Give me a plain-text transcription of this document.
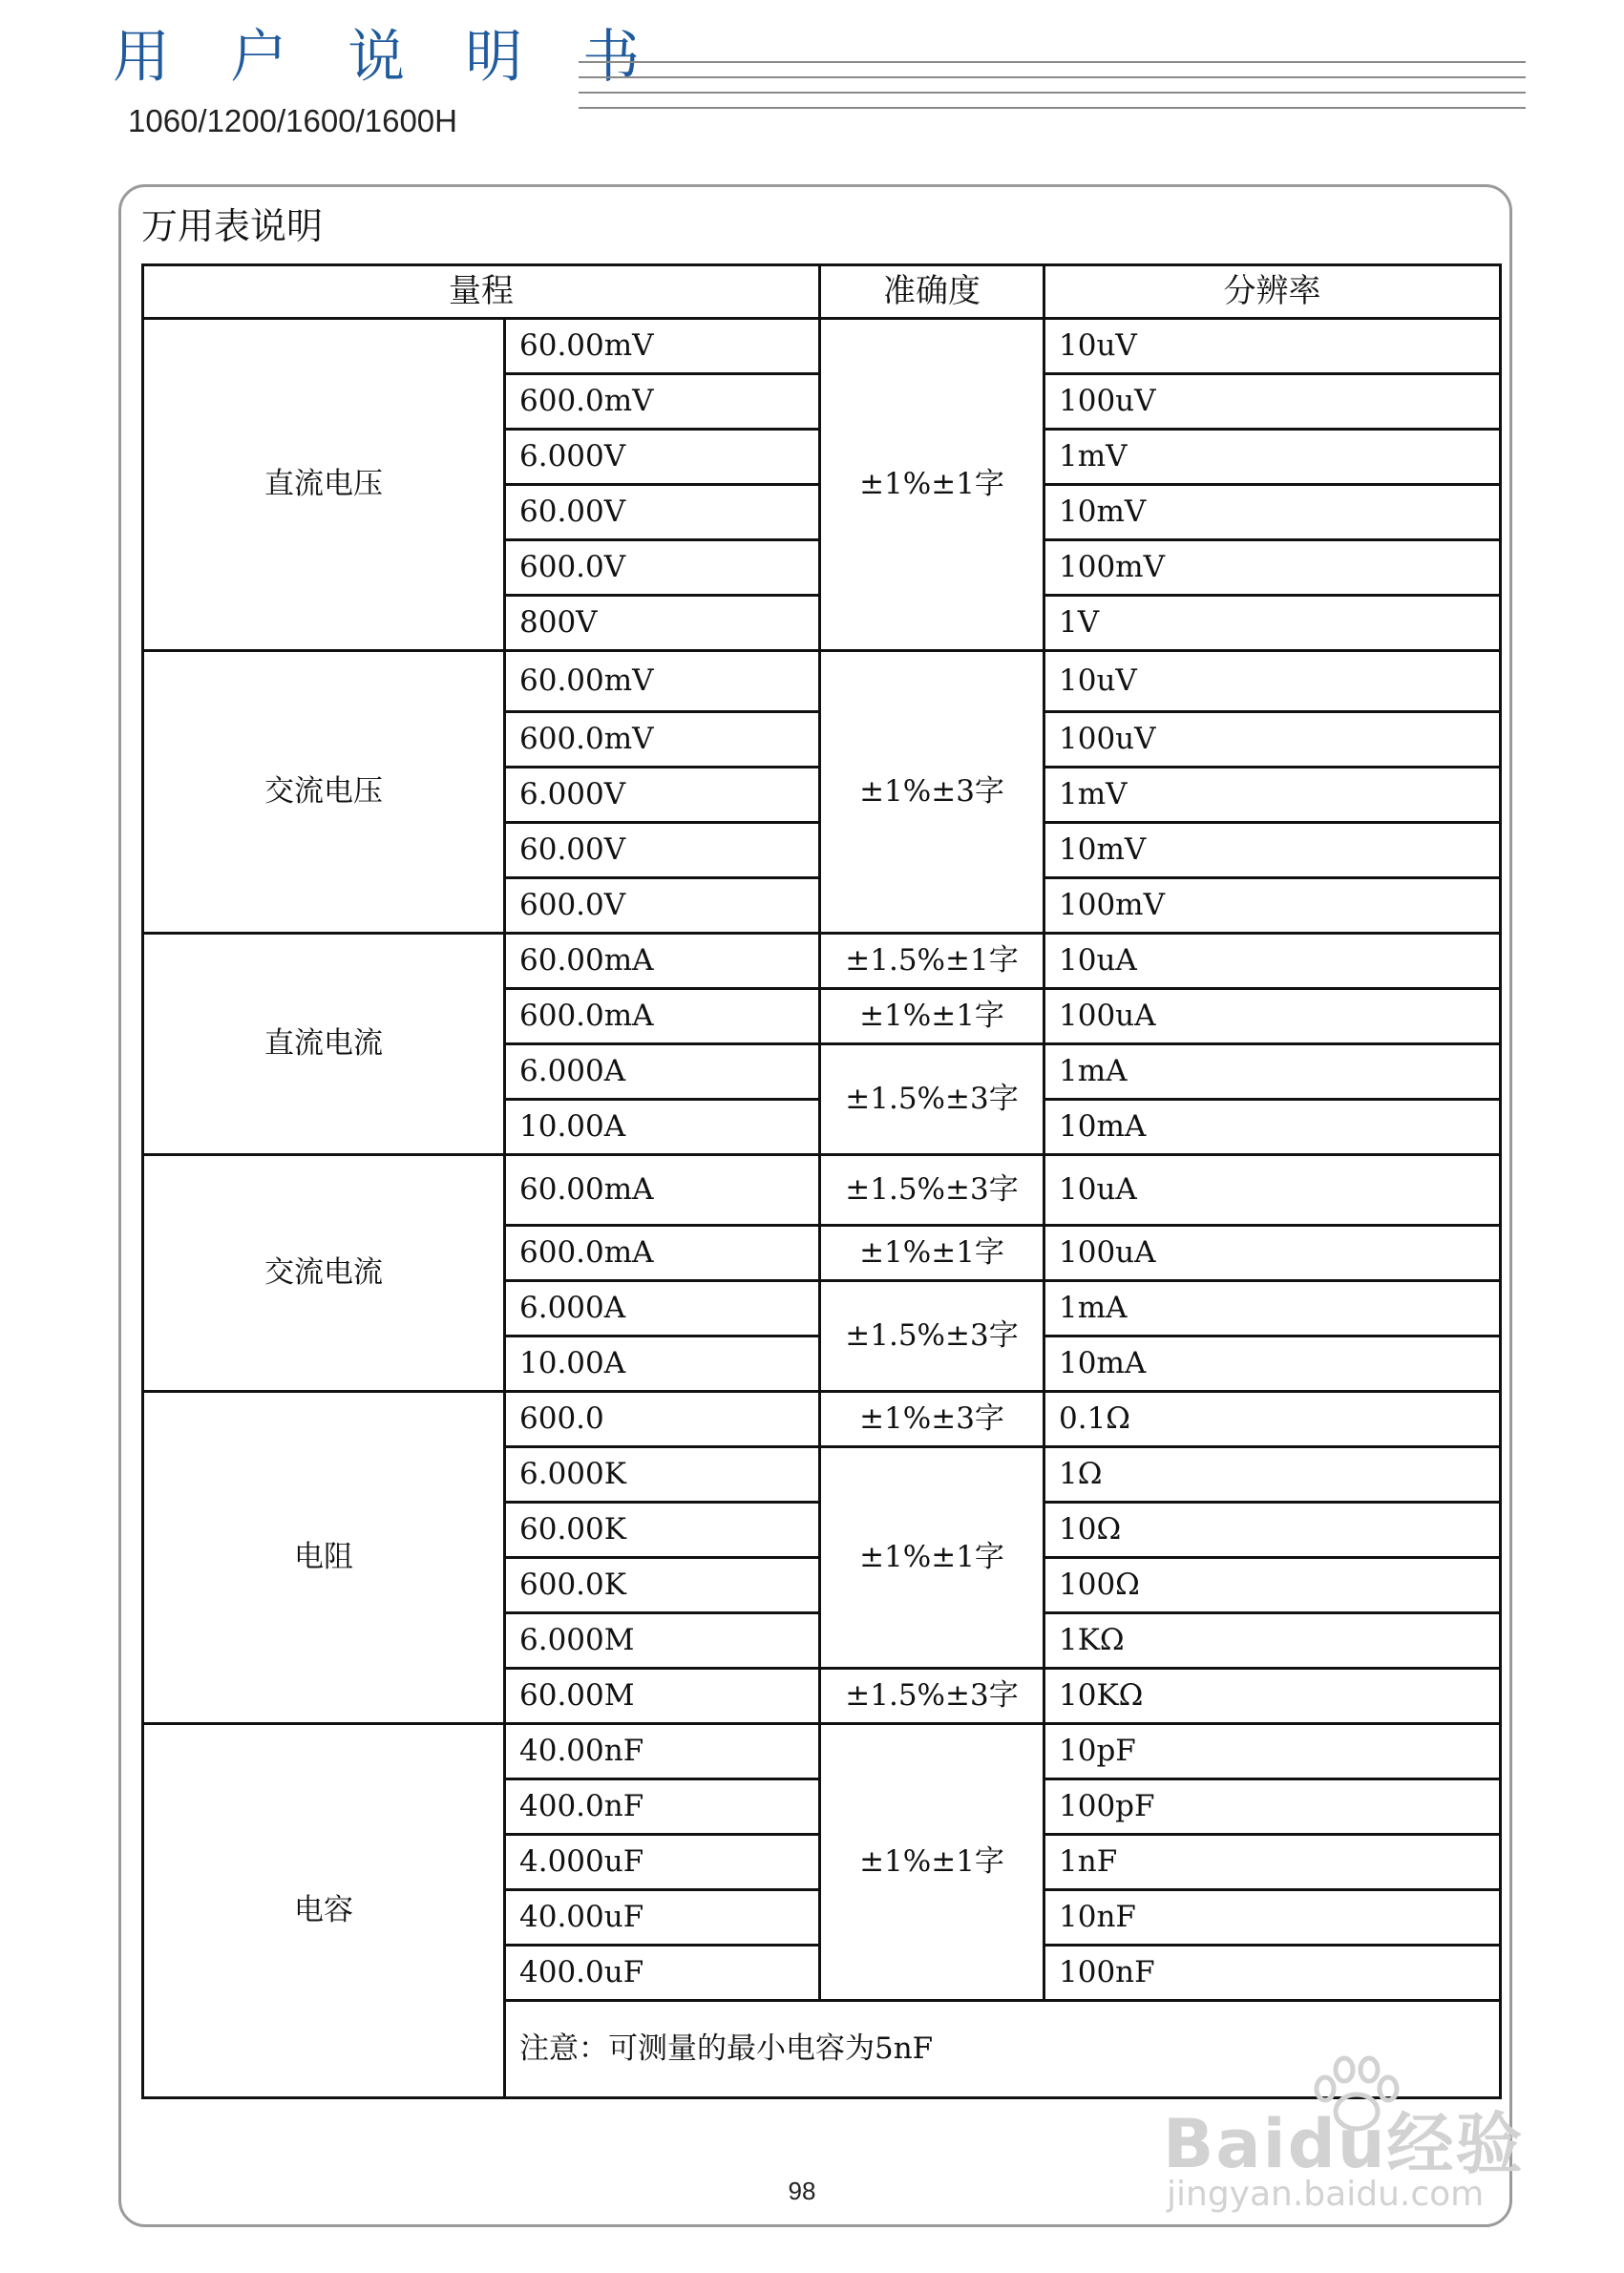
用 户 说 明 书
1060/1200/1600/1600H
万用表说明
量程		准确度	分辨率
直流电压	60.00mV	±1%±1字	10uV
	600.0mV		100uV
	6.000V		1mV
	60.00V		10mV
	600.0V		100mV
	800V		1V
交流电压	60.00mV	±1%±3字	10uV
	600.0mV		100uV
	6.000V		1mV
	60.00V		10mV
	600.0V		100mV
直流电流	60.00mA	±1.5%±1字	10uA
	600.0mA	±1%±1字	100uA
	6.000A	±1.5%±3字	1mA
	10.00A		10mA
交流电流	60.00mA	±1.5%±3字	10uA
	600.0mA	±1%±1字	100uA
	6.000A	±1.5%±3字	1mA
	10.00A		10mA
电阻	600.0	±1%±3字	0.1Ω
	6.000K	±1%±1字	1Ω
	60.00K		10Ω
	600.0K		100Ω
	6.000M		1KΩ
	60.00M	±1.5%±3字	10KΩ
电容	40.00nF	±1%±1字	10pF
	400.0nF		100pF
	4.000uF		1nF
	40.00uF		10nF
	400.0uF		100nF
	注意：可测量的最小电容为5nF		
98
Baidu经验
jingyan.baidu.com
